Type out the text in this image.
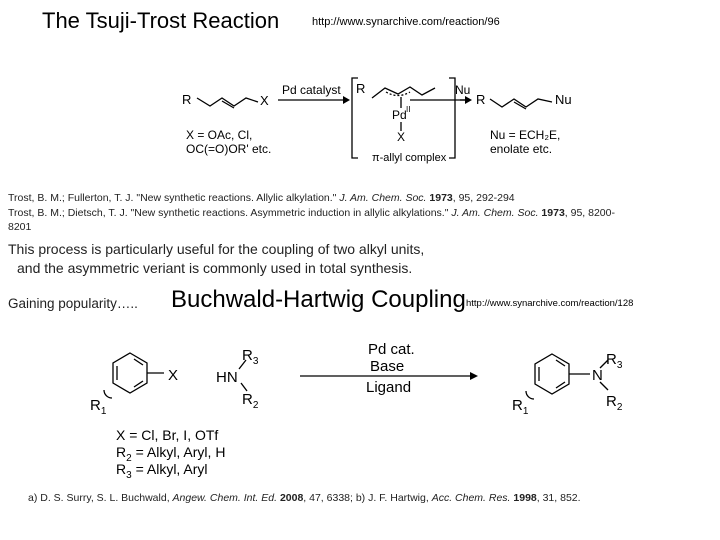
The Tsuji-Trost Reaction	http://www.synarchive.com/reaction/96
R	X
Pd catalyst R
Pd II
X
π-allyl complex
Nu
R	Nu
X = OAc, Cl,
OC(=O)OR' etc.
Nu = ECH₂E,
enolate etc.
Trost, B. M.; Fullerton, T. J. "New synthetic reactions. Allylic alkylation." J. Am. Chem. Soc. 1973, 95, 292-294
Trost, B. M.; Dietsch, T. J. "New synthetic reactions. Asymmetric induction in allylic alkylations." J. Am. Chem. Soc. 1973, 95, 8200-
8201
This process is particularly useful for the coupling of two alkyl units,
and the asymmetric veriant is commonly used in total synthesis.
Gaining popularity….. Buchwald-Hartwig Coupling http://www.synarchive.com/reaction/128
X
$R_1$
$R_3$
HN
$R_2$
Pd cat.
Base
Ligand
N
$R_3$
$R_2$
$R_1$
X = Cl, Br, I, OTf
$R_2$ = Alkyl, Aryl, H
$R_3$ = Alkyl, Aryl
a) D. S. Surry, S. L. Buchwald, Angew. Chem. Int. Ed. 2008, 47, 6338; b) J. F. Hartwig, Acc. Chem. Res. 1998, 31, 852.
